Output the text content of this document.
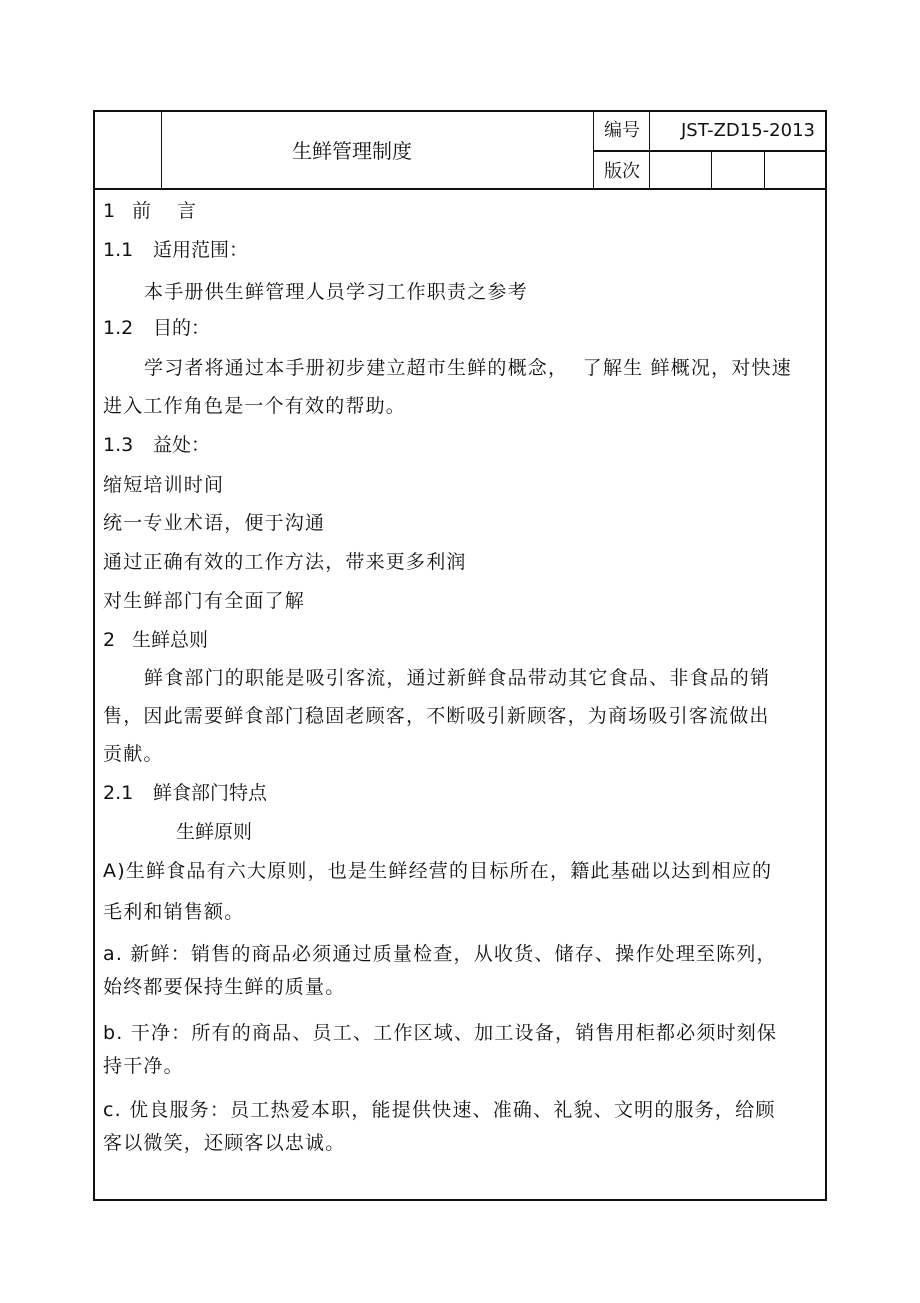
生鲜管理制度
编号 JST-ZD15-2013
版次
1 前 言
1.1 适用范围：
本手册供生鲜管理人员学习工作职责之参考
1.2 目的：
学习者将通过本手册初步建立超市生鲜的概念，  了解生 鲜概况，对快速
进入工作角色是一个有效的帮助。
1.3 益处：
缩短培训时间
统一专业术语，便于沟通
通过正确有效的工作方法，带来更多利润
对生鲜部门有全面了解
2 生鲜总则
鲜食部门的职能是吸引客流，通过新鲜食品带动其它食品、非食品的销
售，因此需要鲜食部门稳固老顾客，不断吸引新顾客，为商场吸引客流做出
贡献。
2.1 鲜食部门特点
生鲜原则
A)生鲜食品有六大原则，也是生鲜经营的目标所在，籍此基础以达到相应的
毛利和销售额。
a. 新鲜：销售的商品必须通过质量检查，从收货、储存、操作处理至陈列，
始终都要保持生鲜的质量。
b. 干净：所有的商品、员工、工作区域、加工设备，销售用柜都必须时刻保
持干净。
c. 优良服务：员工热爱本职，能提供快速、准确、礼貌、文明的服务，给顾
客以微笑，还顾客以忠诚。
